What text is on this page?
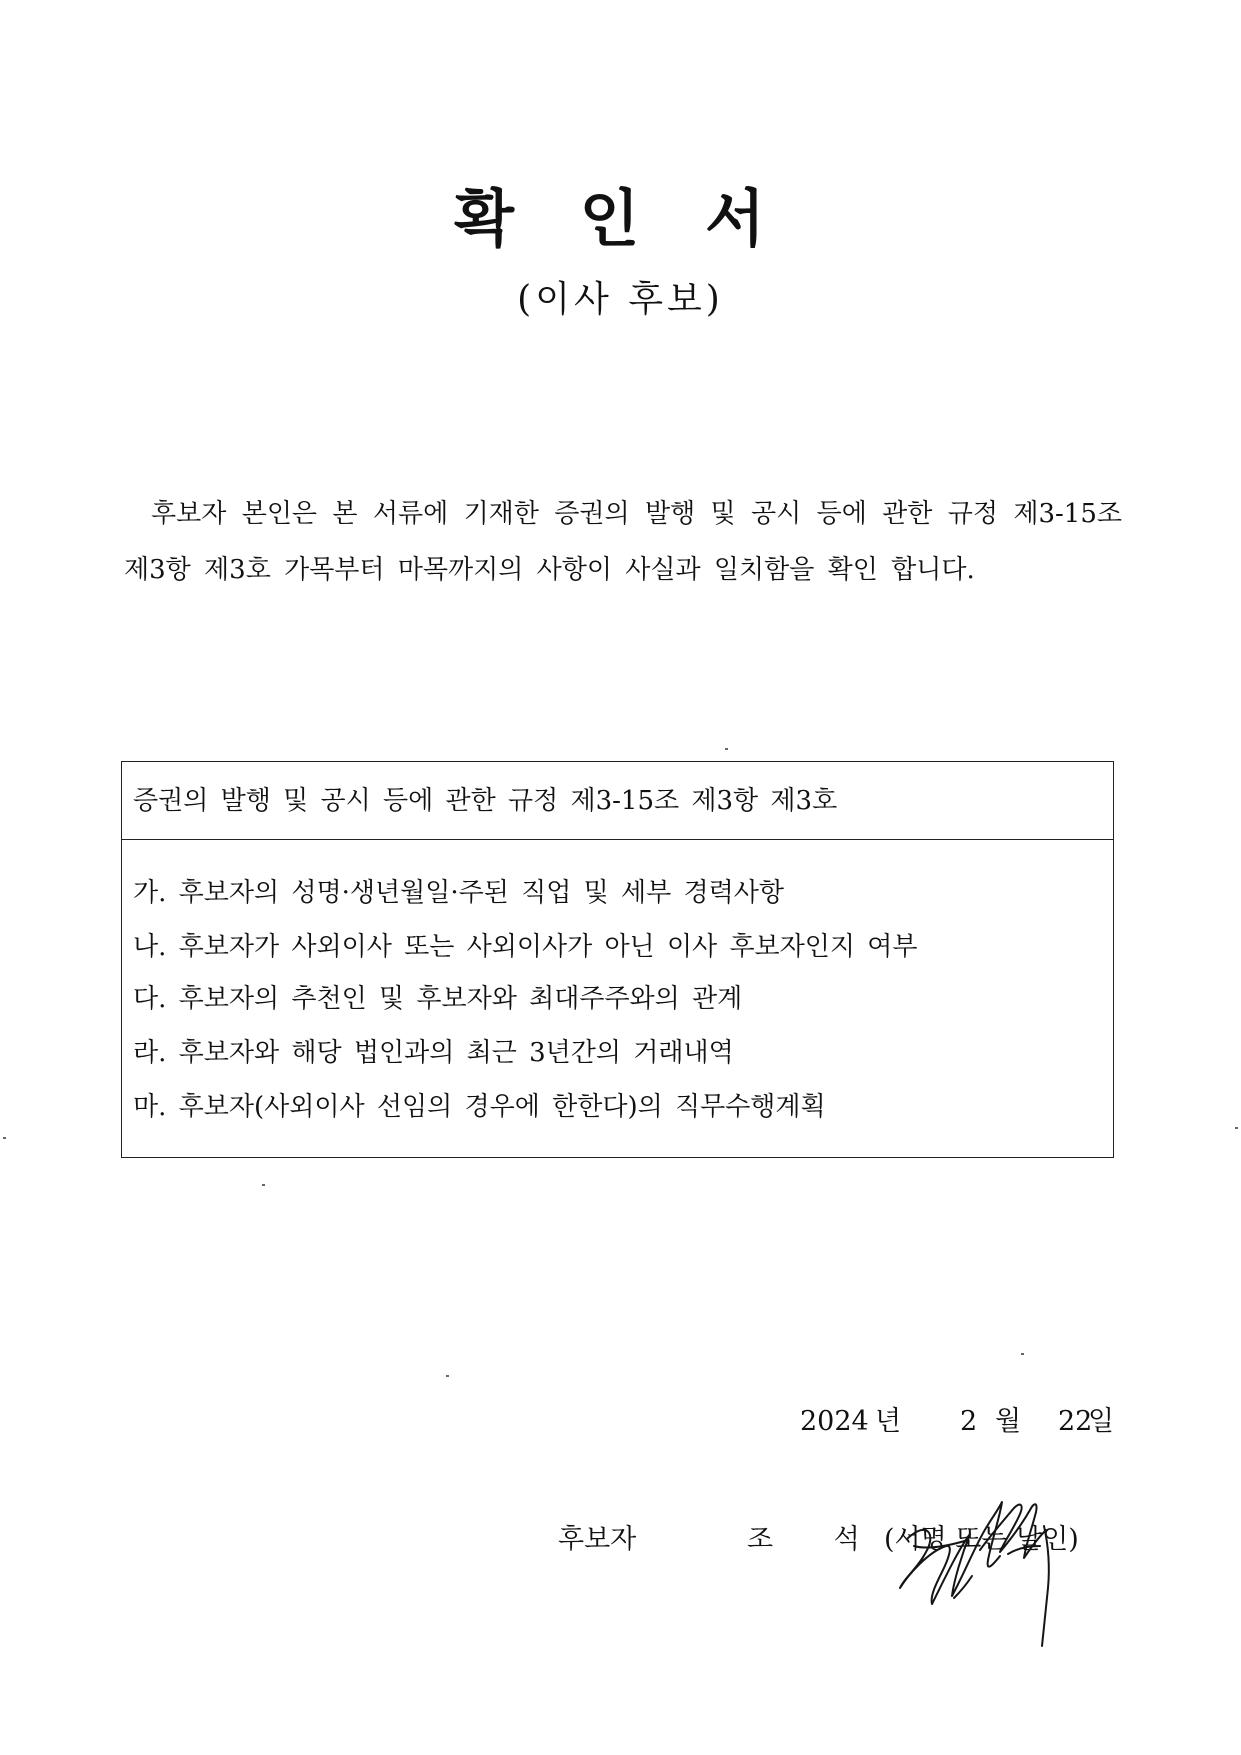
확 인 서
(이사 후보)

후보자 본인은 본 서류에 기재한 증권의 발행 및 공시 등에 관한 규정 제3-15조 제3항 제3호 가목부터 마목까지의 사항이 사실과 일치함을 확인 합니다.

증권의 발행 및 공시 등에 관한 규정 제3-15조 제3항 제3호
가. 후보자의 성명·생년월일·주된 직업 및 세부 경력사항
나. 후보자가 사외이사 또는 사외이사가 아닌 이사 후보자인지 여부
다. 후보자의 추천인 및 후보자와 최대주주와의 관계
라. 후보자와 해당 법인과의 최근 3년간의 거래내역
마. 후보자(사외이사 선임의 경우에 한한다)의 직무수행계획
2024 년 2 월 22
일
후보자	조 석
(서명 또는 날인)
